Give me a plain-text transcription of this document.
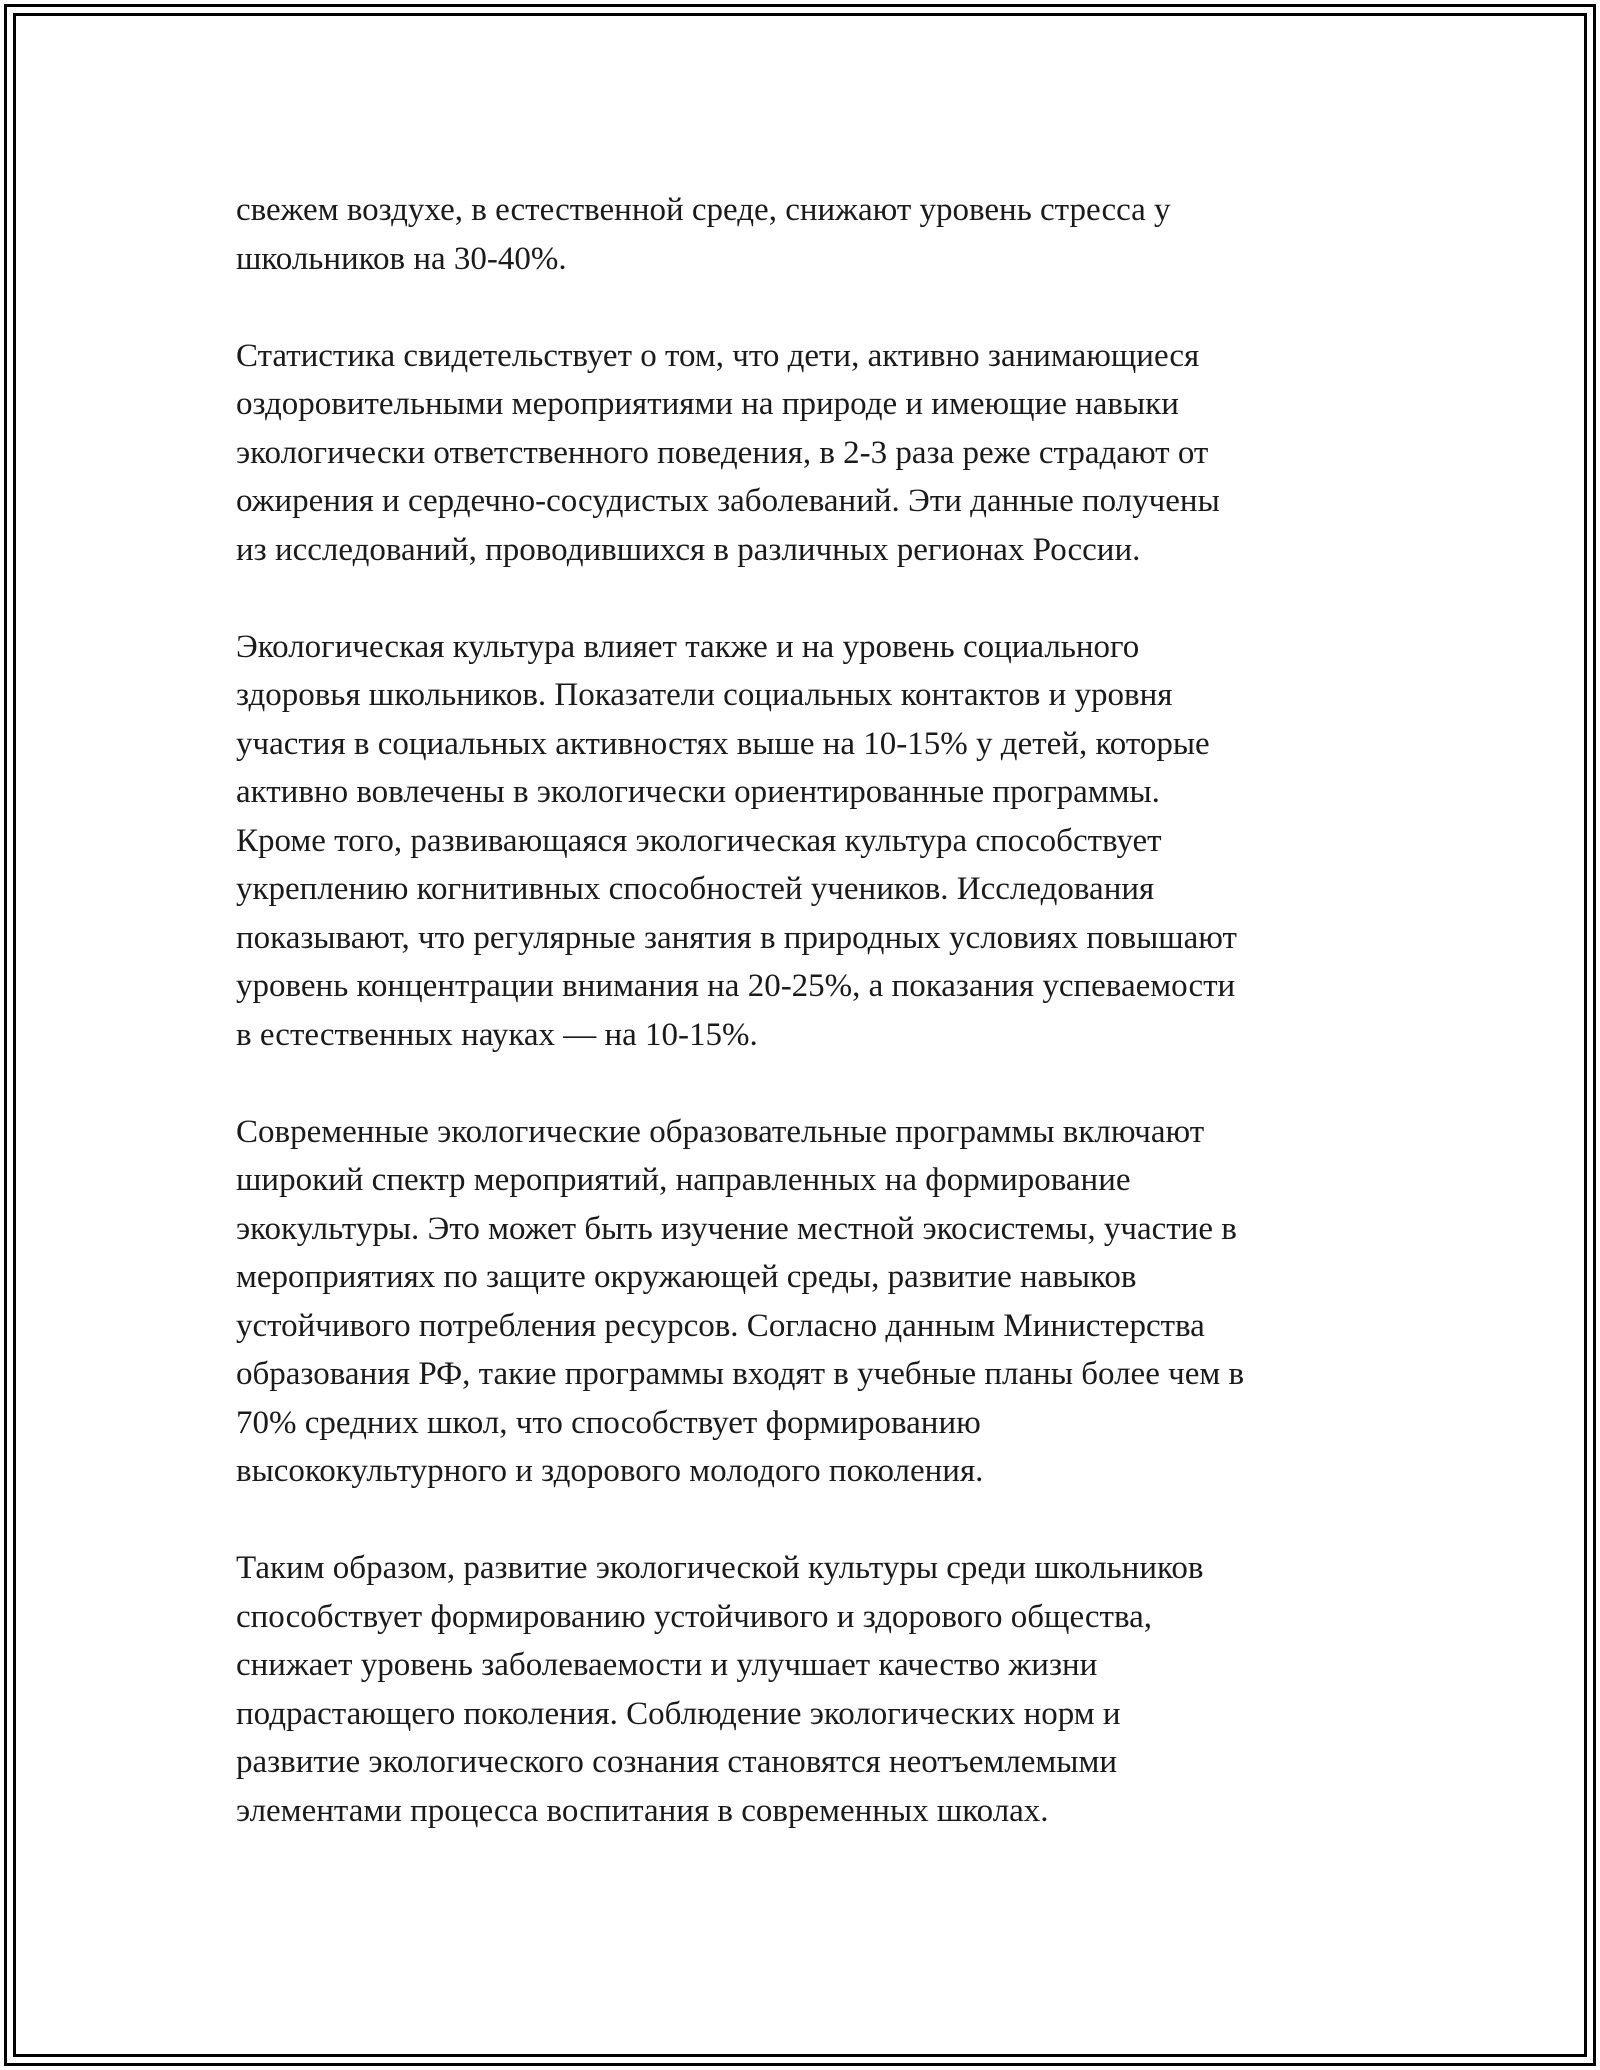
свежем воздухе, в естественной среде, снижают уровень стресса у
школьников на 30-40%.

Статистика свидетельствует о том, что дети, активно занимающиеся
оздоровительными мероприятиями на природе и имеющие навыки
экологически ответственного поведения, в 2-3 раза реже страдают от
ожирения и сердечно-сосудистых заболеваний. Эти данные получены
из исследований, проводившихся в различных регионах России.

Экологическая культура влияет также и на уровень социального
здоровья школьников. Показатели социальных контактов и уровня
участия в социальных активностях выше на 10-15% у детей, которые
активно вовлечены в экологически ориентированные программы.
Кроме того, развивающаяся экологическая культура способствует
укреплению когнитивных способностей учеников. Исследования
показывают, что регулярные занятия в природных условиях повышают
уровень концентрации внимания на 20-25%, а показания успеваемости
в естественных науках — на 10-15%.

Современные экологические образовательные программы включают
широкий спектр мероприятий, направленных на формирование
экокультуры. Это может быть изучение местной экосистемы, участие в
мероприятиях по защите окружающей среды, развитие навыков
устойчивого потребления ресурсов. Согласно данным Министерства
образования РФ, такие программы входят в учебные планы более чем в
70% средних школ, что способствует формированию
высококультурного и здорового молодого поколения.

Таким образом, развитие экологической культуры среди школьников
способствует формированию устойчивого и здорового общества,
снижает уровень заболеваемости и улучшает качество жизни
подрастающего поколения. Соблюдение экологических норм и
развитие экологического сознания становятся неотъемлемыми
элементами процесса воспитания в современных школах.
